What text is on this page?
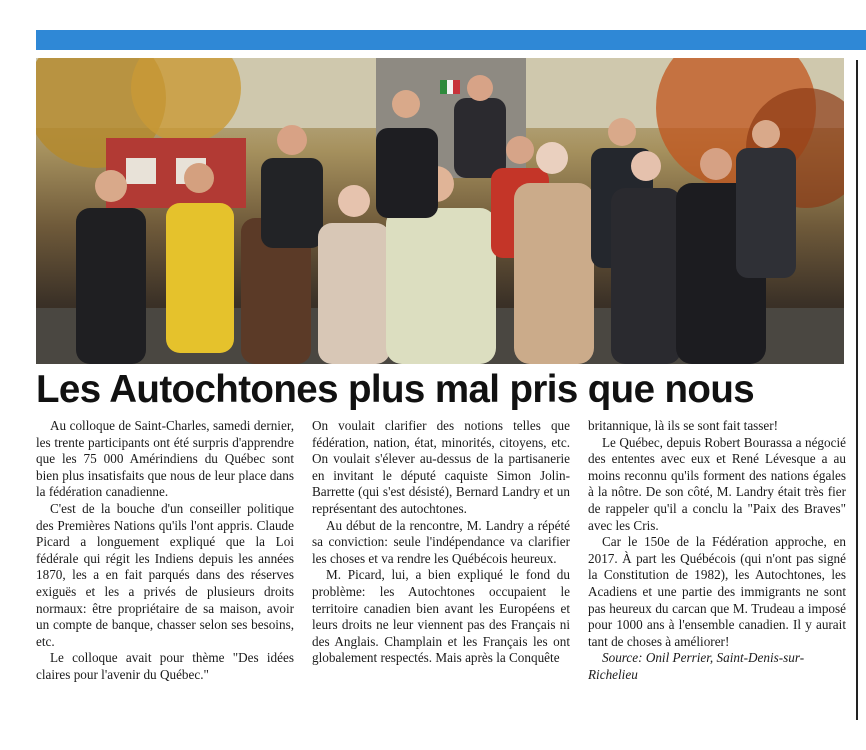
Les Autochtones plus mal pris que nous

Au colloque de Saint-Charles, samedi dernier, les trente participants ont été surpris d'apprendre que les 75 000 Amérindiens du Québec sont bien plus insatisfaits que nous de leur place dans la fédération canadienne.

C'est de la bouche d'un conseiller politique des Premières Nations qu'ils l'ont appris. Claude Picard a longuement expliqué que la Loi fédérale qui régit les Indiens depuis les années 1870, les a en fait parqués dans des réserves exiguës et les a privés de plusieurs droits normaux: être propriétaire de sa maison, avoir un compte de banque, chasser selon ses besoins, etc.

Le colloque avait pour thème "Des idées claires pour l'avenir du Québec."

On voulait clarifier des notions telles que fédération, nation, état, minorités, citoyens, etc. On voulait s'élever au-dessus de la partisanerie en invitant le député caquiste Simon Jolin-Barrette (qui s'est désisté), Bernard Landry et un représentant des autochtones.

Au début de la rencontre, M. Landry a répété sa conviction: seule l'indépendance va clarifier les choses et va rendre les Québécois heureux.

M. Picard, lui, a bien expliqué le fond du problème: les Autochtones occupaient le territoire canadien bien avant les Européens et leurs droits ne leur viennent pas des Français ni des Anglais. Champlain et les Français les ont globalement respectés. Mais après la Conquête

britannique, là ils se sont fait tasser!

Le Québec, depuis Robert Bourassa a négocié des ententes avec eux et René Lévesque a au moins reconnu qu'ils forment des nations égales à la nôtre. De son côté, M. Landry était très fier de rappeler qu'il a conclu la "Paix des Braves" avec les Cris.

Car le 150e de la Fédération approche, en 2017. À part les Québécois (qui n'ont pas signé la Constitution de 1982), les Autochtones, les Acadiens et une partie des immigrants ne sont pas heureux du carcan que M. Trudeau a imposé pour 1000 ans à l'ensemble canadien. Il y aurait tant de choses à améliorer!

Source: Onil Perrier, Saint-Denis-sur-Richelieu
